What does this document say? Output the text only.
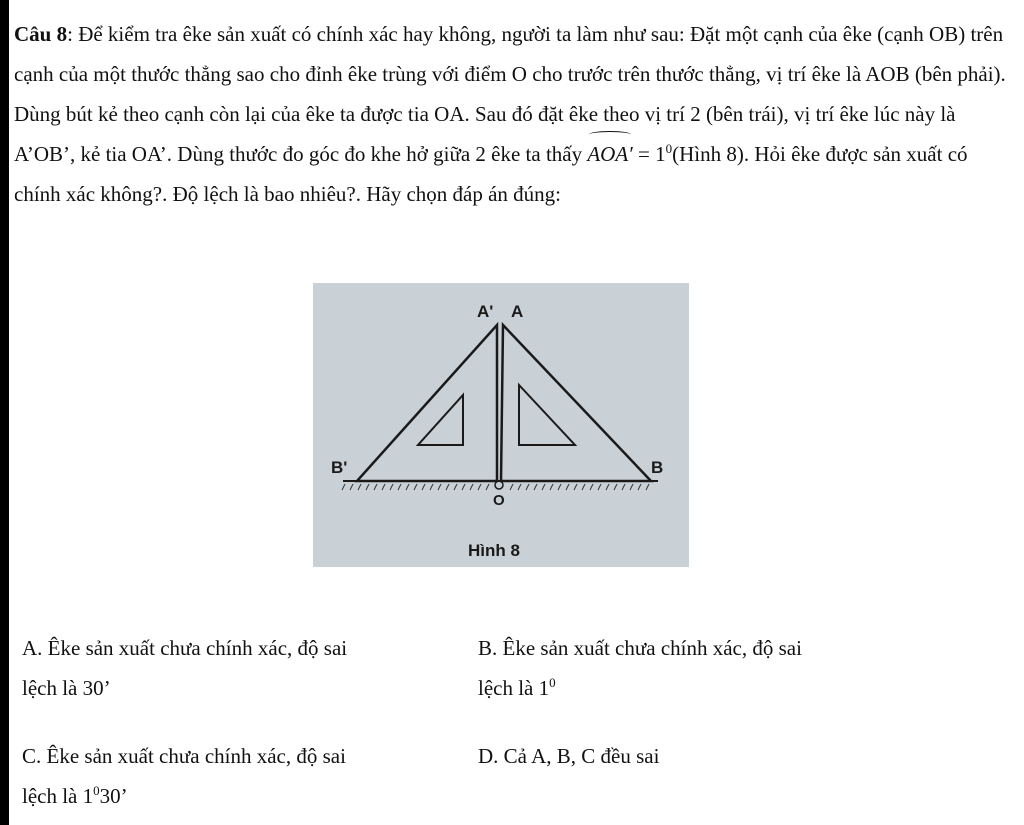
Câu 8: Để kiểm tra êke sản xuất có chính xác hay không, người ta làm như sau: Đặt một cạnh của êke (cạnh OB) trên cạnh của một thước thẳng sao cho đỉnh êke trùng với điểm O cho trước trên thước thẳng, vị trí êke là AOB (bên phải). Dùng bút kẻ theo cạnh còn lại của êke ta được tia OA. Sau đó đặt êke theo vị trí 2 (bên trái), vị trí êke lúc này là A’OB’, kẻ tia OA’. Dùng thước đo góc đo khe hở giữa 2 êke ta thấy $AOA' = 1^0(Hình$ 8). Hỏi êke được sản xuất có chính xác không?. Độ lệch là bao nhiêu?. Hãy chọn đáp án đúng:
A' A
B'	B
O
Hình 8
A. Êke sản xuất chưa chính xác, độ sai
lệch là 30’
B. Êke sản xuất chưa chính xác, độ sai
lệch là $1^0$
C. Êke sản xuất chưa chính xác, độ sai
lệch là $1^030$’
D. Cả A, B, C đều sai
